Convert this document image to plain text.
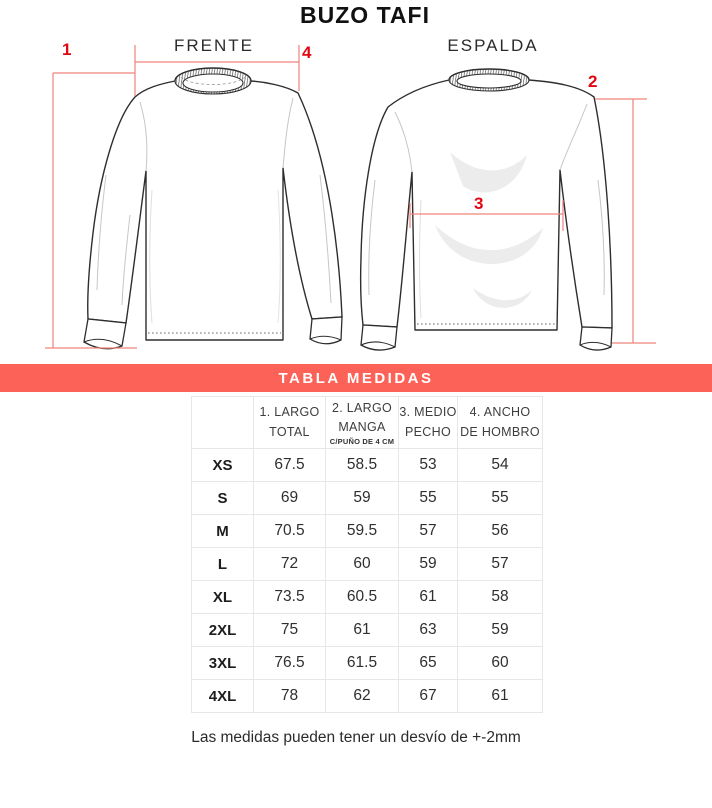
BUZO TAFI
FRENTE	ESPALDA
1	4
2
3
TABLA MEDIDAS

1. LARGO
TOTAL

2. LARGO
MANGA
C/PUÑO DE 4 CM

3. MEDIO
PECHO

4. ANCHO
DE HOMBRO

XS	67.5	58.5	53	54
S	69	59	55	55
M	70.5	59.5	57	56
L	72	60	59	57
XL	73.5	60.5	61	58
2XL	75	61	63	59
3XL	76.5	61.5	65	60
4XL	78	62	67	61
Las medidas pueden tener un desvío de +-2mm
